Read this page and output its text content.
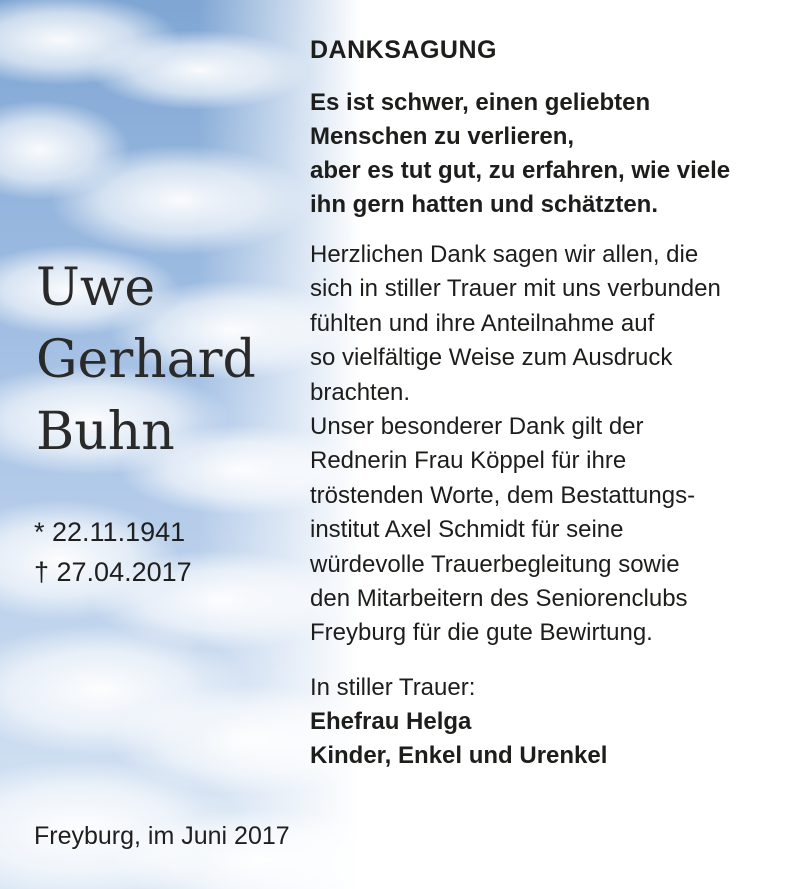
Uwe
Gerhard
Buhn
* 22.11.1941
† 27.04.2017
DANKSAGUNG
Es ist schwer, einen geliebten
Menschen zu verlieren,
aber es tut gut, zu erfahren, wie viele
ihn gern hatten und schätzten.
Herzlichen Dank sagen wir allen, die
sich in stiller Trauer mit uns verbunden
fühlten und ihre Anteilnahme auf
so vielfältige Weise zum Ausdruck
brachten.
Unser besonderer Dank gilt der
Rednerin Frau Köppel für ihre
tröstenden Worte, dem Bestattungs-
institut Axel Schmidt für seine
würdevolle Trauerbegleitung sowie
den Mitarbeitern des Seniorenclubs
Freyburg für die gute Bewirtung.
In stiller Trauer:
Ehefrau Helga
Kinder, Enkel und Urenkel
Freyburg, im Juni 2017
